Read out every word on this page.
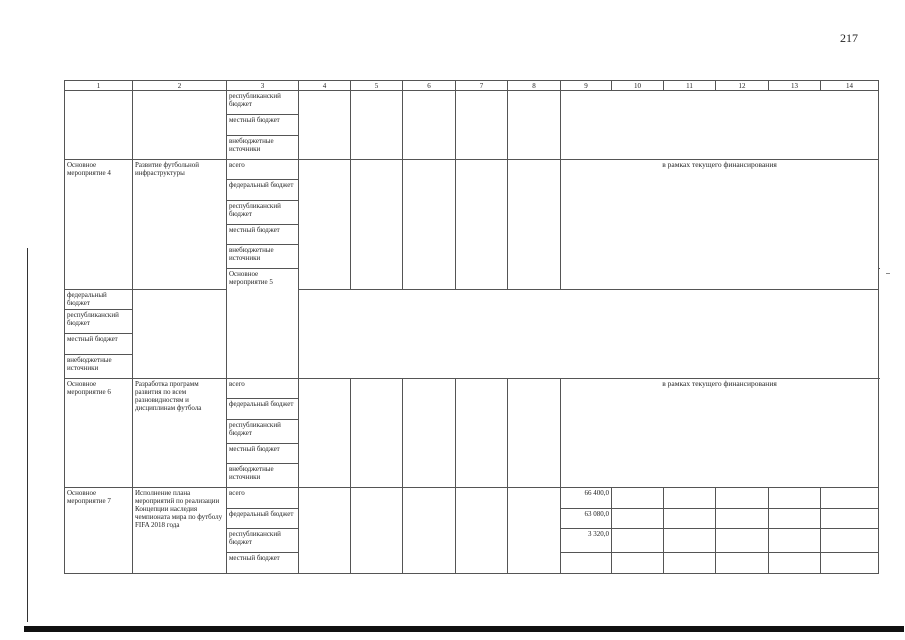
217
1	2	3	4	5	6	7	8	9	10	11	12	13	14	
		республиканский бюджет												
		местный бюджет												
		внебюджетные источники												
Основное мероприятие 4	Развитие футбольной инфраструктуры	всего						в рамках текущего финансирования						
		федеральный бюджет												
		республиканский бюджет												
		местный бюджет												
		внебюджетные источники												
		Основное мероприятие 5								
федеральный бюджет														
республиканский бюджет														
местный бюджет														
внебюджетные источники														
Основное мероприятие 6	Разработка программ развития по всем разновидностям и дисциплинам футбола	всего						в рамках текущего финансирования						
		федеральный бюджет												
		республиканский бюджет												
		местный бюджет												
		внебюджетные источники												
Основное мероприятие 7	Исполнение плана мероприятий по реализации Концепции наследия чемпионата мира по футболу FIFA 2018 года	всего						66 400,0						
		федеральный бюджет						63 080,0						
		республиканский бюджет						3 320,0						
		местный бюджет												
